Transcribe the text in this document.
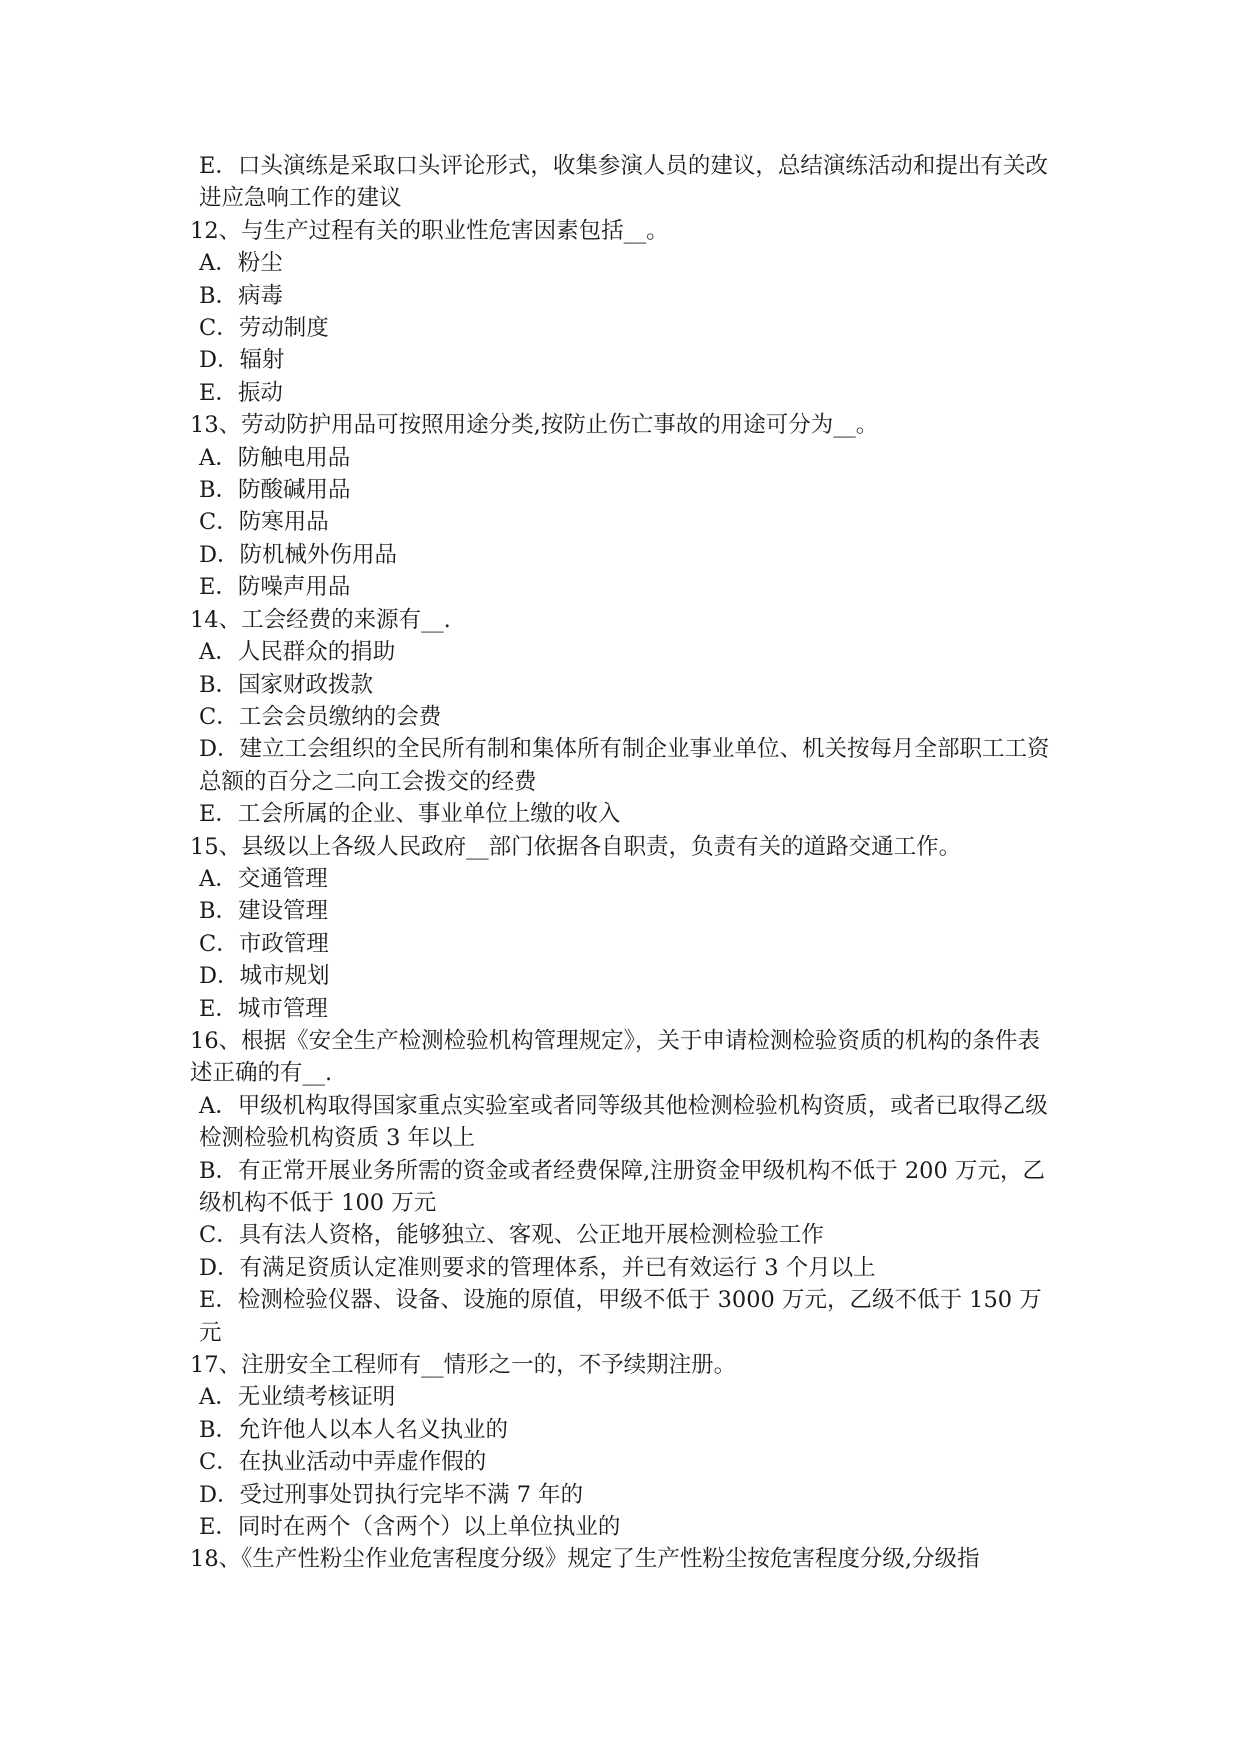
E．口头演练是采取口头评论形式，收集参演人员的建议，总结演练活动和提出有关改进应急响工作的建议

12、与生产过程有关的职业性危害因素包括__。

A．粉尘

B．病毒

C．劳动制度

D．辐射

E．振动

13、劳动防护用品可按照用途分类,按防止伤亡事故的用途可分为__。

A．防触电用品

B．防酸碱用品

C．防寒用品

D．防机械外伤用品

E．防噪声用品

14、工会经费的来源有__.

A．人民群众的捐助

B．国家财政拨款

C．工会会员缴纳的会费

D．建立工会组织的全民所有制和集体所有制企业事业单位、机关按每月全部职工工资总额的百分之二向工会拨交的经费

E．工会所属的企业、事业单位上缴的收入

15、县级以上各级人民政府__部门依据各自职责，负责有关的道路交通工作。

A．交通管理

B．建设管理

C．市政管理

D．城市规划

E．城市管理

16、根据《安全生产检测检验机构管理规定》，关于申请检测检验资质的机构的条件表述正确的有__.

A．甲级机构取得国家重点实验室或者同等级其他检测检验机构资质，或者已取得乙级检测检验机构资质 3 年以上

B．有正常开展业务所需的资金或者经费保障,注册资金甲级机构不低于 200 万元，乙级机构不低于 100 万元

C．具有法人资格，能够独立、客观、公正地开展检测检验工作

D．有满足资质认定准则要求的管理体系，并已有效运行 3 个月以上

E．检测检验仪器、设备、设施的原值，甲级不低于 3000 万元，乙级不低于 150 万元

17、注册安全工程师有__情形之一的，不予续期注册。

A．无业绩考核证明

B．允许他人以本人名义执业的

C．在执业活动中弄虚作假的

D．受过刑事处罚执行完毕不满 7 年的

E．同时在两个（含两个）以上单位执业的

18、《生产性粉尘作业危害程度分级》规定了生产性粉尘按危害程度分级,分级指
